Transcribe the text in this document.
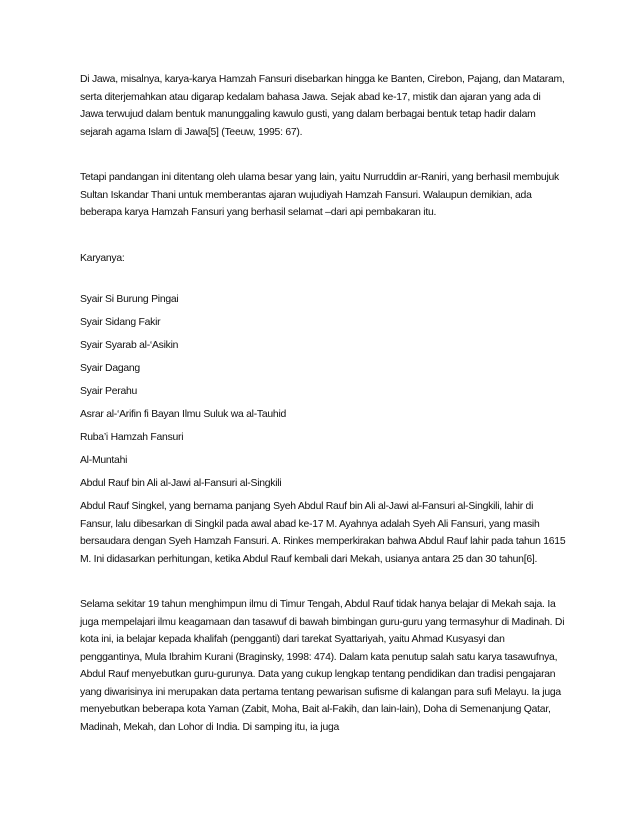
Di Jawa, misalnya, karya-karya Hamzah Fansuri disebarkan hingga ke Banten, Cirebon, Pajang, dan Mataram, serta diterjemahkan atau digarap kedalam bahasa Jawa. Sejak abad ke-17, mistik dan ajaran yang ada di Jawa terwujud dalam bentuk manunggaling kawulo gusti, yang dalam berbagai bentuk tetap hadir dalam sejarah agama Islam di Jawa[5] (Teeuw, 1995: 67).

Tetapi pandangan ini ditentang oleh ulama besar yang lain, yaitu Nurruddin ar-Raniri, yang berhasil membujuk Sultan Iskandar Thani untuk memberantas ajaran wujudiyah Hamzah Fansuri. Walaupun demikian, ada beberapa karya Hamzah Fansuri yang berhasil selamat –dari api pembakaran itu.

Karyanya:

Syair Si Burung Pingai
Syair Sidang Fakir
Syair Syarab al-‘Asikin
Syair Dagang
Syair Perahu
Asrar al-‘Arifin fi Bayan Ilmu Suluk wa al-Tauhid
Ruba’i Hamzah Fansuri
Al-Muntahi
Abdul Rauf bin Ali al-Jawi al-Fansuri al-Singkili

Abdul Rauf Singkel, yang bernama panjang Syeh Abdul Rauf bin Ali al-Jawi al-Fansuri al-Singkili, lahir di Fansur, lalu dibesarkan di Singkil pada awal abad ke-17 M. Ayahnya adalah Syeh Ali Fansuri, yang masih bersaudara dengan Syeh Hamzah Fansuri. A. Rinkes memperkirakan bahwa Abdul Rauf lahir pada tahun 1615 M. Ini didasarkan perhitungan, ketika Abdul Rauf kembali dari Mekah, usianya antara 25 dan 30 tahun[6].

Selama sekitar 19 tahun menghimpun ilmu di Timur Tengah, Abdul Rauf tidak hanya belajar di Mekah saja. Ia juga mempelajari ilmu keagamaan dan tasawuf di bawah bimbingan guru-guru yang termasyhur di Madinah. Di kota ini, ia belajar kepada khalifah (pengganti) dari tarekat Syattariyah, yaitu Ahmad Kusyasyi dan penggantinya, Mula Ibrahim Kurani (Braginsky, 1998: 474). Dalam kata penutup salah satu karya tasawufnya, Abdul Rauf menyebutkan guru-gurunya. Data yang cukup lengkap tentang pendidikan dan tradisi pengajaran yang diwarisinya ini merupakan data pertama tentang pewarisan sufisme di kalangan para sufi Melayu. Ia juga menyebutkan beberapa kota Yaman (Zabit, Moha, Bait al-Fakih, dan lain-lain), Doha di Semenanjung Qatar, Madinah, Mekah, dan Lohor di India. Di samping itu, ia juga
